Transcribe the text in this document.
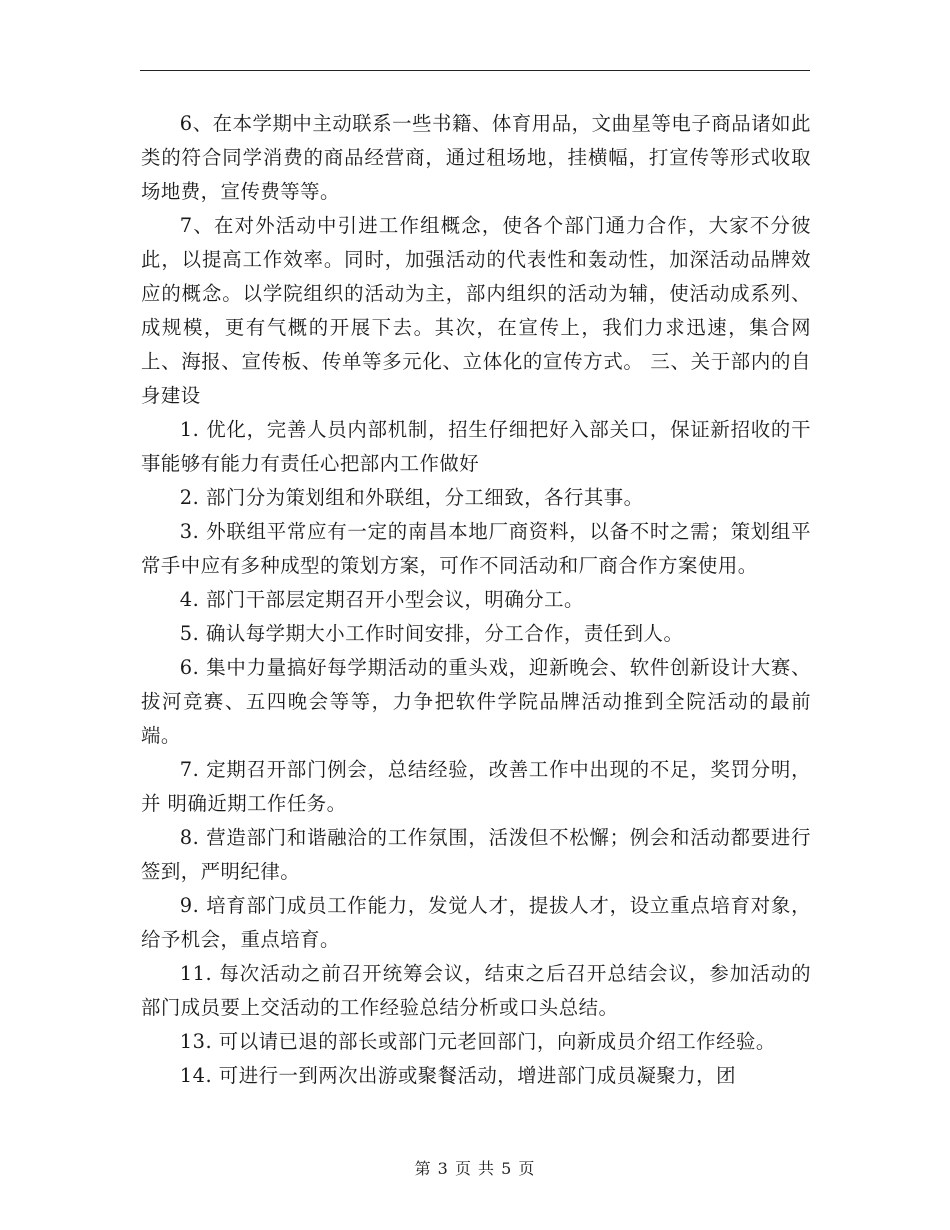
6、在本学期中主动联系一些书籍、体育用品，文曲星等电子商品诸如此类的符合同学消费的商品经营商，通过租场地，挂横幅，打宣传等形式收取场地费，宣传费等等。

7、在对外活动中引进工作组概念，使各个部门通力合作，大家不分彼此，以提高工作效率。同时，加强活动的代表性和轰动性，加深活动品牌效应的概念。以学院组织的活动为主，部内组织的活动为辅，使活动成系列、成规模，更有气概的开展下去。其次，在宣传上，我们力求迅速，集合网上、海报、宣传板、传单等多元化、立体化的宣传方式。 三、关于部内的自身建设

1. 优化，完善人员内部机制，招生仔细把好入部关口，保证新招收的干事能够有能力有责任心把部内工作做好

2. 部门分为策划组和外联组，分工细致，各行其事。

3. 外联组平常应有一定的南昌本地厂商资料，以备不时之需；策划组平常手中应有多种成型的策划方案，可作不同活动和厂商合作方案使用。

4. 部门干部层定期召开小型会议，明确分工。

5. 确认每学期大小工作时间安排，分工合作，责任到人。

6. 集中力量搞好每学期活动的重头戏，迎新晚会、软件创新设计大赛、拔河竞赛、五四晚会等等，力争把软件学院品牌活动推到全院活动的最前端。

7. 定期召开部门例会，总结经验，改善工作中出现的不足，奖罚分明，并 明确近期工作任务。

8. 营造部门和谐融洽的工作氛围，活泼但不松懈；例会和活动都要进行签到，严明纪律。

9. 培育部门成员工作能力，发觉人才，提拔人才，设立重点培育对象，给予机会，重点培育。

11. 每次活动之前召开统筹会议，结束之后召开总结会议，参加活动的部门成员要上交活动的工作经验总结分析或口头总结。

13. 可以请已退的部长或部门元老回部门，向新成员介绍工作经验。

14. 可进行一到两次出游或聚餐活动，增进部门成员凝聚力，团

第 3 页 共 5 页
